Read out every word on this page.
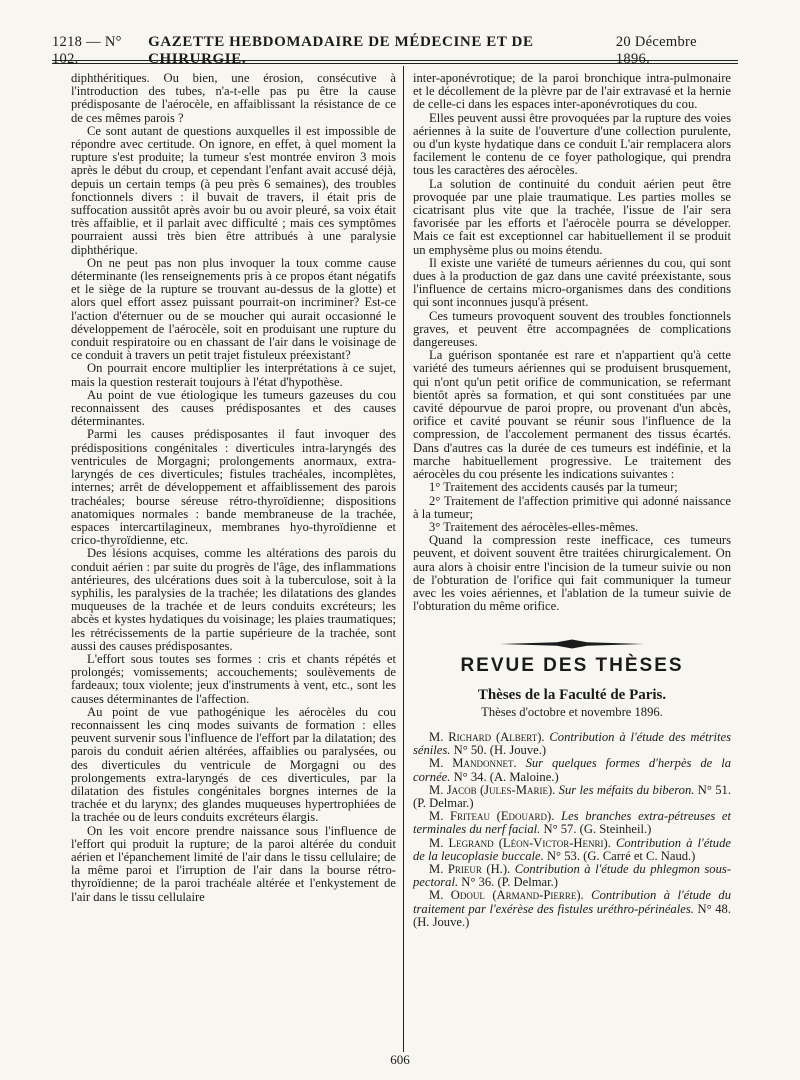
1218 — N° 102.
GAZETTE HEBDOMADAIRE DE MÉDECINE ET DE CHIRURGIE.
20 Décembre 1896.

diphthéritiques. Ou bien, une érosion, consécutive à l'introduction des tubes, n'a-t-elle pas pu être la cause prédisposante de l'aérocèle, en affaiblissant la résistance de ce de ces mêmes parois ?

Ce sont autant de questions auxquelles il est impossible de répondre avec certitude. On ignore, en effet, à quel moment la rupture s'est produite; la tumeur s'est montrée environ 3 mois après le début du croup, et cependant l'enfant avait accusé déjà, depuis un certain temps (à peu près 6 semaines), des troubles fonctionnels divers : il buvait de travers, il était pris de suffocation aussitôt après avoir bu ou avoir pleuré, sa voix était très affaiblie, et il parlait avec difficulté ; mais ces symptômes pourraient aussi très bien être attribués à une paralysie diphthérique.

On ne peut pas non plus invoquer la toux comme cause déterminante (les renseignements pris à ce propos étant négatifs et le siège de la rupture se trouvant au-dessus de la glotte) et alors quel effort assez puissant pourrait-on incriminer? Est-ce l'action d'éternuer ou de se moucher qui aurait occasionné le développement de l'aérocèle, soit en produisant une rupture du conduit respiratoire ou en chassant de l'air dans le voisinage de ce conduit à travers un petit trajet fistuleux préexistant?

On pourrait encore multiplier les interprétations à ce sujet, mais la question resterait toujours à l'état d'hypothèse.

Au point de vue étiologique les tumeurs gazeuses du cou reconnaissent des causes prédisposantes et des causes déterminantes.

Parmi les causes prédisposantes il faut invoquer des prédispositions congénitales : diverticules intra-laryngés des ventricules de Morgagni; prolongements anormaux, extra-laryngés de ces diverticules; fistules trachéales, incomplètes, internes; arrêt de développement et affaiblissement des parois trachéales; bourse séreuse rétro-thyroïdienne; dispositions anatomiques normales : bande membraneuse de la trachée, espaces intercartilagineux, membranes hyo-thyroïdienne et crico-thyroïdienne, etc.

Des lésions acquises, comme les altérations des parois du conduit aérien : par suite du progrès de l'âge, des inflammations antérieures, des ulcérations dues soit à la tuberculose, soit à la syphilis, les paralysies de la trachée; les dilatations des glandes muqueuses de la trachée et de leurs conduits excréteurs; les abcès et kystes hydatiques du voisinage; les plaies traumatiques; les rétrécissements de la partie supérieure de la trachée, sont aussi des causes prédisposantes.

L'effort sous toutes ses formes : cris et chants répétés et prolongés; vomissements; accouchements; soulèvements de fardeaux; toux violente; jeux d'instruments à vent, etc., sont les causes déterminantes de l'affection.

Au point de vue pathogénique les aérocèles du cou reconnaissent les cinq modes suivants de formation : elles peuvent survenir sous l'influence de l'effort par la dilatation; des parois du conduit aérien altérées, affaiblies ou paralysées, ou des diverticules du ventricule de Morgagni ou des prolongements extra-laryngés de ces diverticules, par la dilatation des fistules congénitales borgnes internes de la trachée et du larynx; des glandes muqueuses hypertrophiées de la trachée ou de leurs conduits excréteurs élargis.

On les voit encore prendre naissance sous l'influence de l'effort qui produit la rupture; de la paroi altérée du conduit aérien et l'épanchement limité de l'air dans le tissu cellulaire; de la même paroi et l'irruption de l'air dans la bourse rétro-thyroïdienne; de la paroi trachéale altérée et l'enkystement de l'air dans le tissu cellulaire

inter-aponévrotique; de la paroi bronchique intra-pulmonaire et le décollement de la plèvre par de l'air extravasé et la hernie de celle-ci dans les espaces inter-aponévrotiques du cou.

Elles peuvent aussi être provoquées par la rupture des voies aériennes à la suite de l'ouverture d'une collection purulente, ou d'un kyste hydatique dans ce conduit L'air remplacera alors facilement le contenu de ce foyer pathologique, qui prendra tous les caractères des aérocèles.

La solution de continuité du conduit aérien peut être provoquée par une plaie traumatique. Les parties molles se cicatrisant plus vite que la trachée, l'issue de l'air sera favorisée par les efforts et l'aérocèle pourra se développer. Mais ce fait est exceptionnel car habituellement il se produit un emphysème plus ou moins étendu.

Il existe une variété de tumeurs aériennes du cou, qui sont dues à la production de gaz dans une cavité préexistante, sous l'influence de certains micro-organismes dans des conditions qui sont inconnues jusqu'à présent.

Ces tumeurs provoquent souvent des troubles fonctionnels graves, et peuvent être accompagnées de complications dangereuses.

La guérison spontanée est rare et n'appartient qu'à cette variété des tumeurs aériennes qui se produisent brusquement, qui n'ont qu'un petit orifice de communication, se refermant bientôt après sa formation, et qui sont constituées par une cavité dépourvue de paroi propre, ou provenant d'un abcès, orifice et cavité pouvant se réunir sous l'influence de la compression, de l'accolement permanent des tissus écartés. Dans d'autres cas la durée de ces tumeurs est indéfinie, et la marche habituellement progressive. Le traitement des aérocèles du cou présente les indications suivantes :

1° Traitement des accidents causés par la tumeur;

2° Traitement de l'affection primitive qui adonné naissance à la tumeur;

3° Traitement des aérocèles-elles-mêmes.

Quand la compression reste inefficace, ces tumeurs peuvent, et doivent souvent être traitées chirurgicalement. On aura alors à choisir entre l'incision de la tumeur suivie ou non de l'obturation de l'orifice qui fait communiquer la tumeur avec les voies aériennes, et l'ablation de la tumeur suivie de l'obturation du même orifice.

REVUE DES THÈSES
Thèses de la Faculté de Paris.
Thèses d'octobre et novembre 1896.

M. Richard (Albert). Contribution à l'étude des métrites séniles. N° 50. (H. Jouve.)

M. Mandonnet. Sur quelques formes d'herpès de la cornée. N° 34. (A. Maloine.)

M. Jacob (Jules-Marie). Sur les méfaits du biberon. N° 51. (P. Delmar.)

M. Friteau (Edouard). Les branches extra-pétreuses et terminales du nerf facial. N° 57. (G. Steinheil.)

M. Legrand (Léon-Victor-Henri). Contribution à l'étude de la leucoplasie buccale. N° 53. (G. Carré et C. Naud.)

M. Prieur (H.). Contribution à l'étude du phlegmon sous-pectoral. N° 36. (P. Delmar.)

M. Odoul (Armand-Pierre). Contribution à l'étude du traitement par l'exérèse des fistules uréthro-périnéales. N° 48. (H. Jouve.)

606
